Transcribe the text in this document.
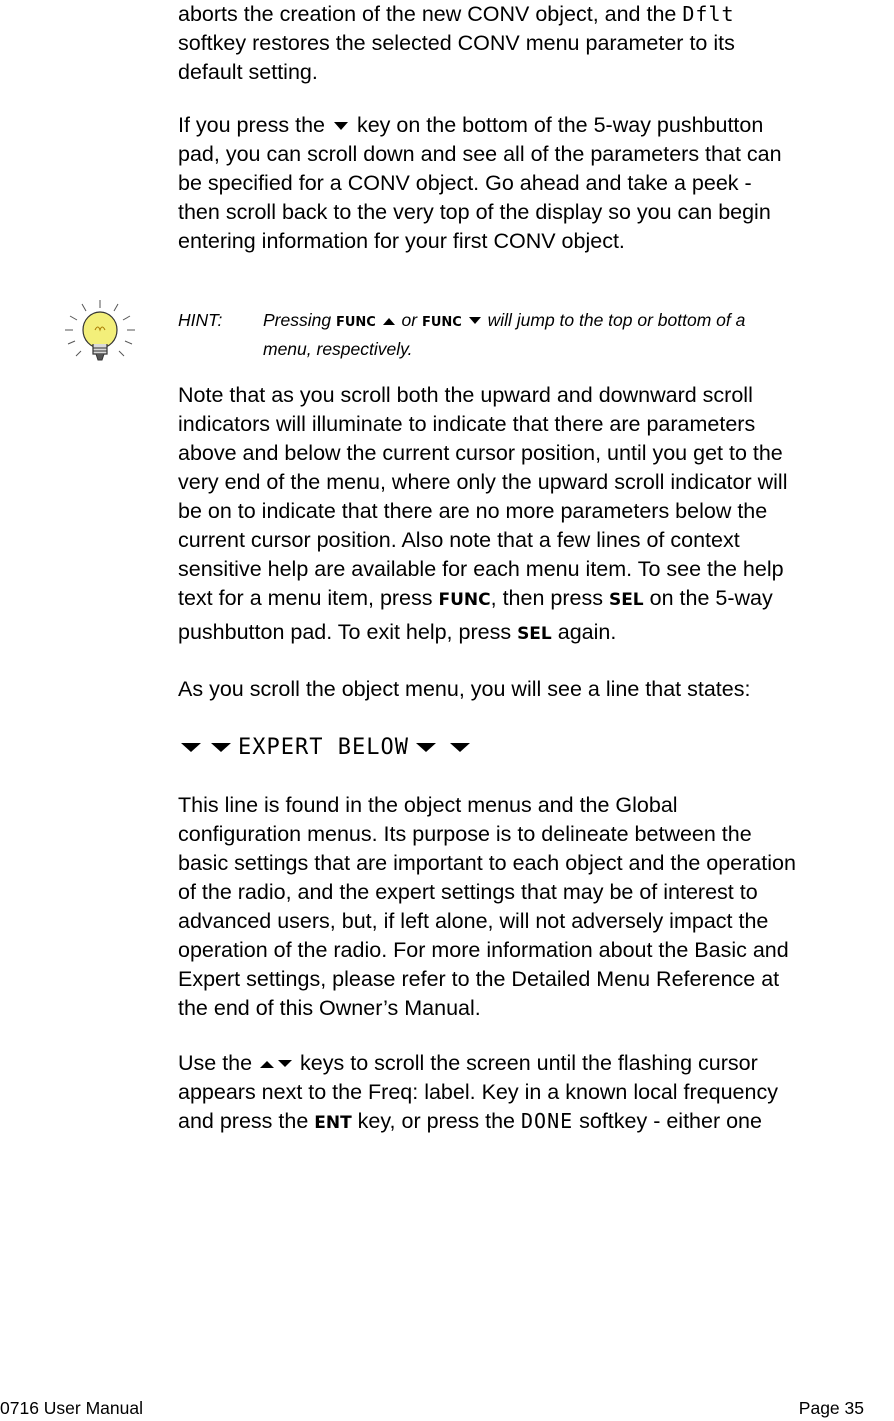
aborts the creation of the new CONV object, and the Dflt
softkey restores the selected CONV menu parameter to its
default setting.
If you press the
key on the bottom of the 5-way pushbutton
pad, you can scroll down and see all of the parameters that can
be specified for a CONV object. Go ahead and take a peek -
then scroll back to the very top of the display so you can begin
entering information for your first CONV object.
HINT: Pressing FUNC
or FUNC
will jump to the top or bottom of a
menu, respectively.
Note that as you scroll both the upward and downward scroll
indicators will illuminate to indicate that there are parameters
above and below the current cursor position, until you get to the
very end of the menu, where only the upward scroll indicator will
be on to indicate that there are no more parameters below the
current cursor position. Also note that a few lines of context
sensitive help are available for each menu item. To see the help
text for a menu item, press FUNC, then press SEL on the 5-way
pushbutton pad. To exit help, press SEL again.
As you scroll the object menu, you will see a line that states:
EXPERT BELOW
This line is found in the object menus and the Global
configuration menus. Its purpose is to delineate between the
basic settings that are important to each object and the operation
of the radio, and the expert settings that may be of interest to
advanced users, but, if left alone, will not adversely impact the
operation of the radio. For more information about the Basic and
Expert settings, please refer to the Detailed Menu Reference at
the end of this Owner’s Manual.
Use the
keys to scroll the screen until the flashing cursor
appears next to the Freq: label. Key in a known local frequency
and press the ENT key, or press the DONE softkey - either one
0716 User Manual	Page 35
